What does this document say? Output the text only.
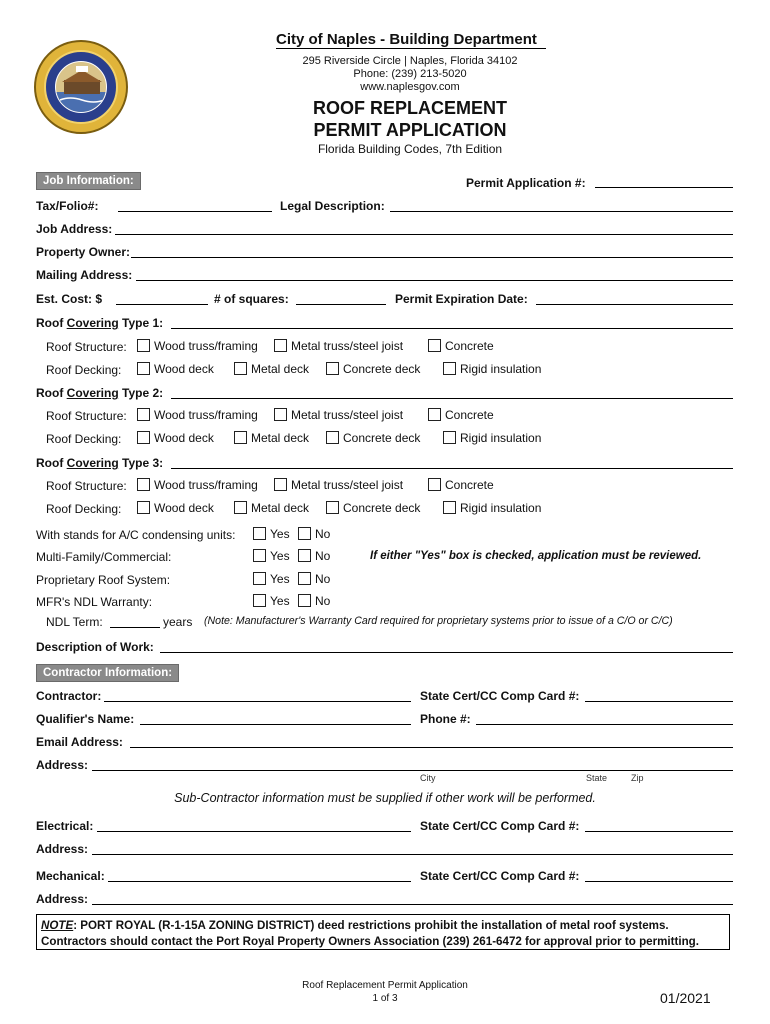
City of Naples - Building Department
295 Riverside Circle | Naples, Florida 34102
Phone: (239) 213-5020
www.naplesgov.com
ROOF REPLACEMENT
PERMIT APPLICATION
Florida Building Codes, 7th Edition
Job Information:	Permit Application #:
Tax/Folio#:	Legal Description:
Job Address:
Property Owner:
Mailing Address:
Est. Cost: $	# of squares:	Permit Expiration Date:
Roof Covering Type 1:
Roof Structure:	Wood truss/framing	Metal truss/steel joist	Concrete
Roof Decking:	Wood deck	Metal deck	Concrete deck	Rigid insulation
Roof Covering Type 2:
Roof Structure:	Wood truss/framing	Metal truss/steel joist	Concrete
Roof Decking:	Wood deck	Metal deck	Concrete deck	Rigid insulation
Roof Covering Type 3:
Roof Structure:	Wood truss/framing	Metal truss/steel joist	Concrete
Roof Decking:	Wood deck	Metal deck	Concrete deck	Rigid insulation
With stands for A/C condensing units:	Yes	No
Multi-Family/Commercial:	Yes	No	If either "Yes" box is checked, application must be reviewed.
Proprietary Roof System:	Yes	No
MFR's NDL Warranty:	Yes	No
NDL Term:	years (Note: Manufacturer's Warranty Card required for proprietary systems prior to issue of a C/O or C/C)
Description of Work:
Contractor Information:
Contractor:	State Cert/CC Comp Card #:
Qualifier's Name:	Phone #:
Email Address:
Address:
City	State	Zip
Sub-Contractor information must be supplied if other work will be performed.
Electrical:	State Cert/CC Comp Card #:
Address:
Mechanical:	State Cert/CC Comp Card #:
Address:
NOTE: PORT ROYAL (R-1-15A ZONING DISTRICT) deed restrictions prohibit the installation of metal roof systems. Contractors should contact the Port Royal Property Owners Association (239) 261-6472 for approval prior to permitting.
Roof Replacement Permit Application
1 of 3	01/2021
